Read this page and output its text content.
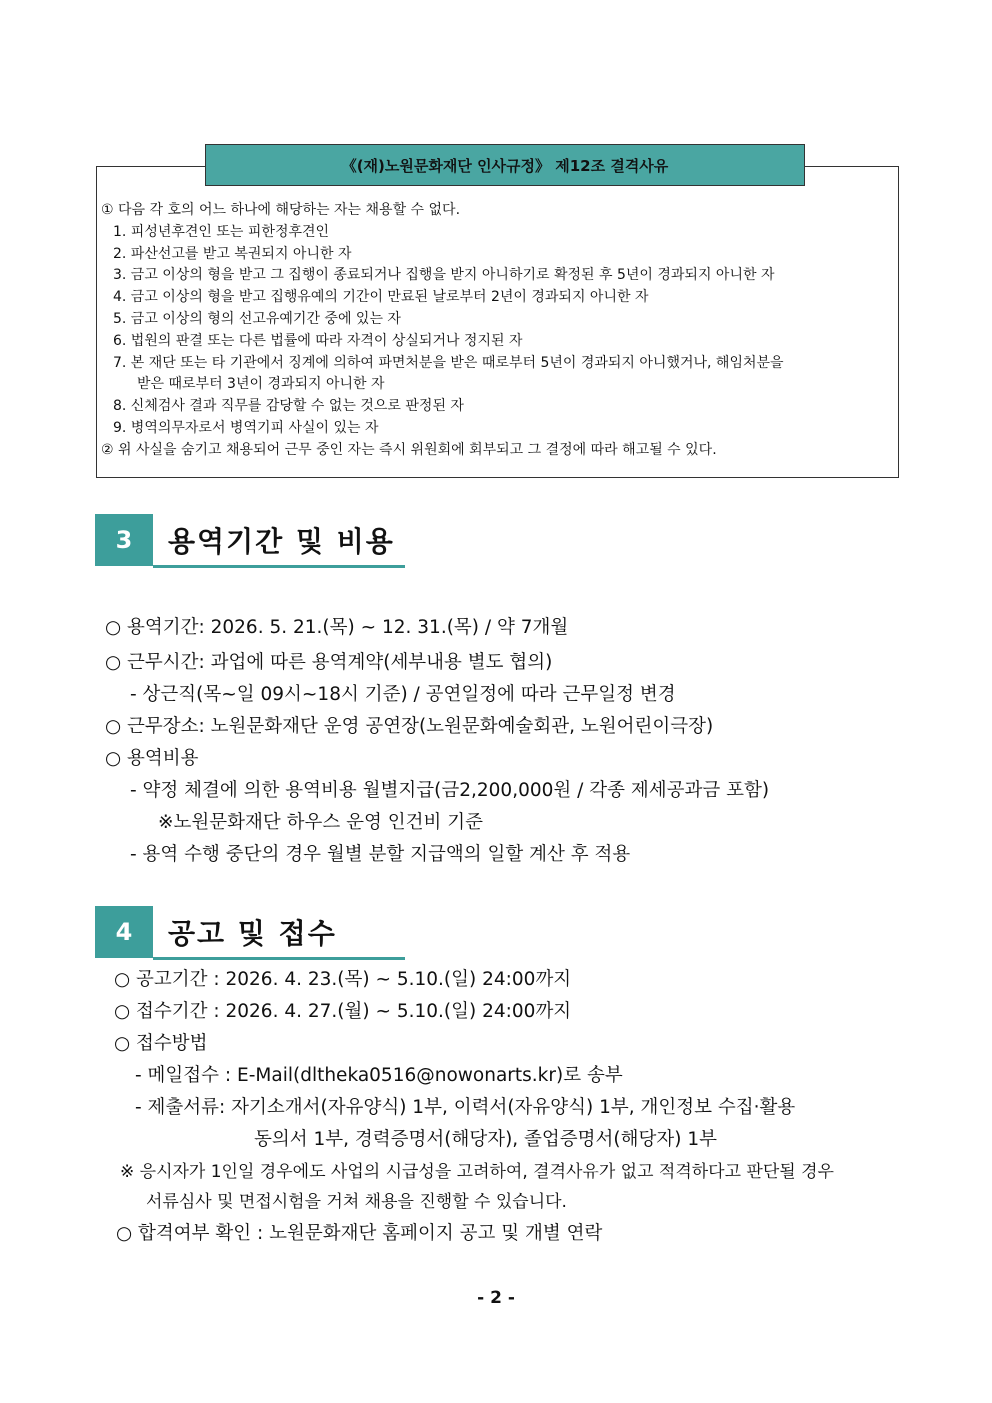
《(재)노원문화재단 인사규정》 제12조 결격사유
① 다음 각 호의 어느 하나에 해당하는 자는 채용할 수 없다.
1. 피성년후견인 또는 피한정후견인
2. 파산선고를 받고 복권되지 아니한 자
3. 금고 이상의 형을 받고 그 집행이 종료되거나 집행을 받지 아니하기로 확정된 후 5년이 경과되지 아니한 자
4. 금고 이상의 형을 받고 집행유예의 기간이 만료된 날로부터 2년이 경과되지 아니한 자
5. 금고 이상의 형의 선고유예기간 중에 있는 자
6. 법원의 판결 또는 다른 법률에 따라 자격이 상실되거나 정지된 자
7. 본 재단 또는 타 기관에서 징계에 의하여 파면처분을 받은 때로부터 5년이 경과되지 아니했거나, 해임처분을
받은 때로부터 3년이 경과되지 아니한 자
8. 신체검사 결과 직무를 감당할 수 없는 것으로 판정된 자
9. 병역의무자로서 병역기피 사실이 있는 자
② 위 사실을 숨기고 채용되어 근무 중인 자는 즉시 위원회에 회부되고 그 결정에 따라 해고될 수 있다.
3	용역기간 및 비용
○ 용역기간: 2026. 5. 21.(목) ~ 12. 31.(목) / 약 7개월
○ 근무시간: 과업에 따른 용역계약(세부내용 별도 협의)
- 상근직(목~일 09시~18시 기준) / 공연일정에 따라 근무일정 변경
○ 근무장소: 노원문화재단 운영 공연장(노원문화예술회관, 노원어린이극장)
○ 용역비용
- 약정 체결에 의한 용역비용 월별지급(금2,200,000원 / 각종 제세공과금 포함)
※노원문화재단 하우스 운영 인건비 기준
- 용역 수행 중단의 경우 월별 분할 지급액의 일할 계산 후 적용
4	공고 및 접수
○ 공고기간 : 2026. 4. 23.(목) ~ 5.10.(일) 24:00까지
○ 접수기간 : 2026. 4. 27.(월) ~ 5.10.(일) 24:00까지
○ 접수방법
- 메일접수 : E-Mail(dltheka0516@nowonarts.kr)로 송부
- 제출서류: 자기소개서(자유양식) 1부, 이력서(자유양식) 1부, 개인정보 수집·활용
동의서 1부, 경력증명서(해당자), 졸업증명서(해당자) 1부
※ 응시자가 1인일 경우에도 사업의 시급성을 고려하여, 결격사유가 없고 적격하다고 판단될 경우
서류심사 및 면접시험을 거쳐 채용을 진행할 수 있습니다.
○ 합격여부 확인 : 노원문화재단 홈페이지 공고 및 개별 연락
- 2 -
